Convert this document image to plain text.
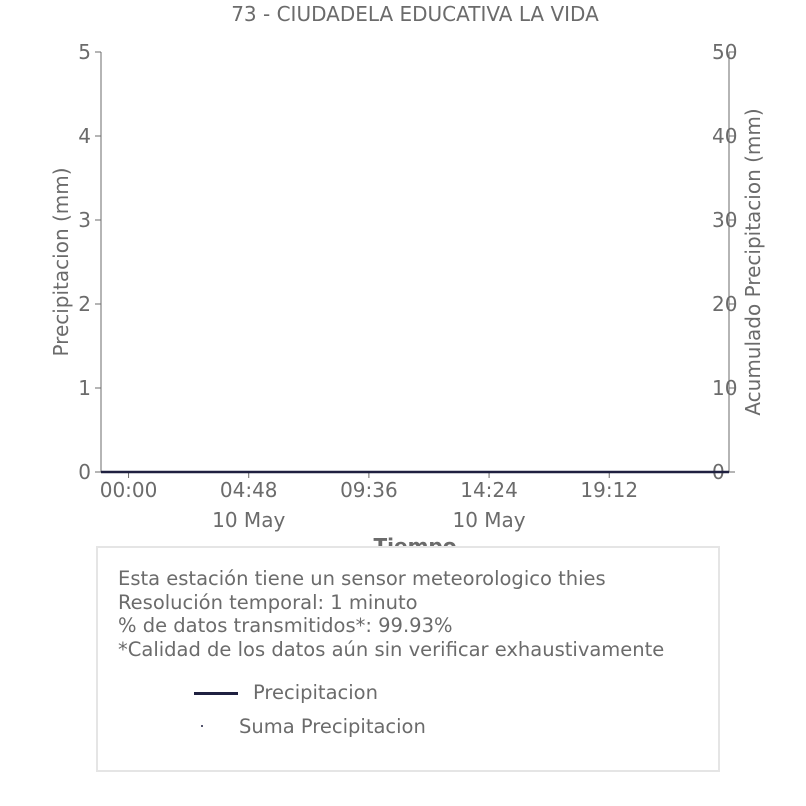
73 - CIUDADELA EDUCATIVA LA VIDA
0
1
2
3
4
5
0
10
20
30
40
50
00:00	04:48
10 May
09:36	14:24
10 May
19:12
Precipitacion (mm)	Acumulado Precipitacion (mm)
Esta estación tiene un sensor meteorologico thies
Resolución temporal: 1 minuto
% de datos transmitidos*: 99.93%
*Calidad de los datos aún sin verificar exhaustivamente
Precipitacion
Suma Precipitacion
